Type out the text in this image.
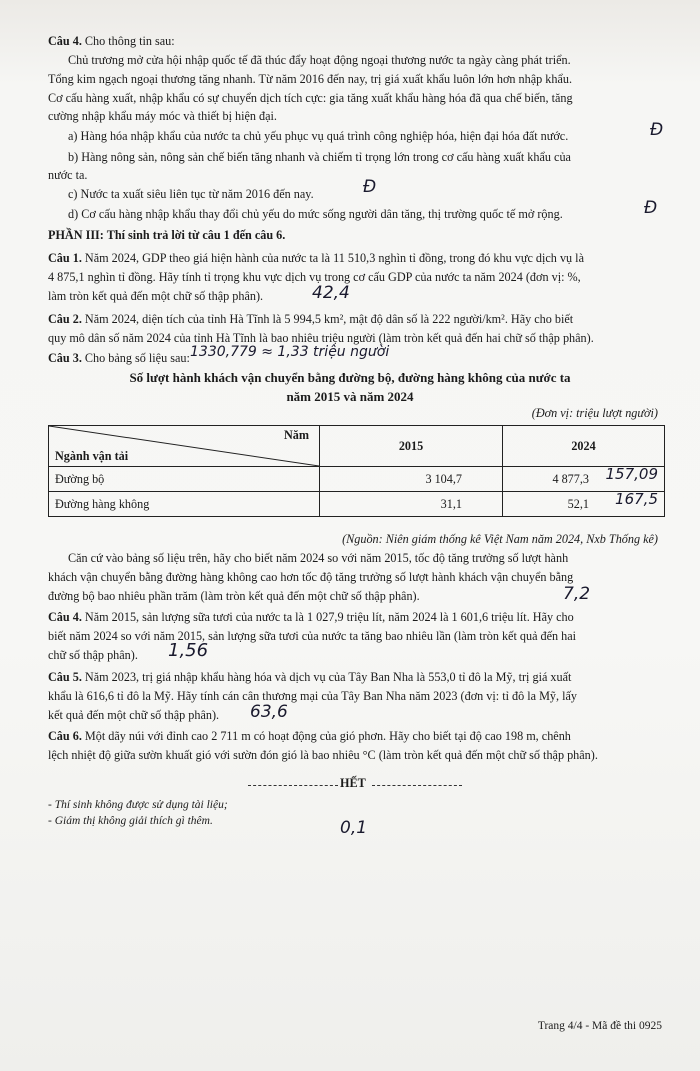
Câu 4. Cho thông tin sau:
Chủ trương mở cửa hội nhập quốc tế đã thúc đẩy hoạt động ngoại thương nước ta ngày càng phát triển.
Tổng kim ngạch ngoại thương tăng nhanh. Từ năm 2016 đến nay, trị giá xuất khẩu luôn lớn hơn nhập khẩu.
Cơ cấu hàng xuất, nhập khẩu có sự chuyển dịch tích cực: gia tăng xuất khẩu hàng hóa đã qua chế biến, tăng
cường nhập khẩu máy móc và thiết bị hiện đại.
a) Hàng hóa nhập khẩu của nước ta chủ yếu phục vụ quá trình công nghiệp hóa, hiện đại hóa đất nước.	Đ
b) Hàng nông sản, nông sản chế biến tăng nhanh và chiếm tỉ trọng lớn trong cơ cấu hàng xuất khẩu của
nước ta.
c) Nước ta xuất siêu liên tục từ năm 2016 đến nay.	Đ
d) Cơ cấu hàng nhập khẩu thay đổi chủ yếu do mức sống người dân tăng, thị trường quốc tế mở rộng.	Đ
PHẦN III: Thí sinh trả lời từ câu 1 đến câu 6.
Câu 1. Năm 2024, GDP theo giá hiện hành của nước ta là 11 510,3 nghìn tỉ đồng, trong đó khu vực dịch vụ là
4 875,1 nghìn tỉ đồng. Hãy tính tỉ trọng khu vực dịch vụ trong cơ cấu GDP của nước ta năm 2024 (đơn vị: %,
làm tròn kết quả đến một chữ số thập phân).	42,4
Câu 2. Năm 2024, diện tích của tỉnh Hà Tĩnh là 5 994,5 km², mật độ dân số là 222 người/km². Hãy cho biết
quy mô dân số năm 2024 của tỉnh Hà Tĩnh là bao nhiêu triệu người (làm tròn kết quả đến hai chữ số thập phân).
1330,779 ≈ 1,33 triệu người
Câu 3. Cho bảng số liệu sau:
Số lượt hành khách vận chuyển bằng đường bộ, đường hàng không của nước ta
năm 2015 và năm 2024
(Đơn vị: triệu lượt người)
Năm
Ngành vận tải	2015	2024
Đường bộ	3 104,7	4 877,3 157,09

Đường hàng không	31,1	52,1 167,5
(Nguồn: Niên giám thống kê Việt Nam năm 2024, Nxb Thống kê)
Căn cứ vào bảng số liệu trên, hãy cho biết năm 2024 so với năm 2015, tốc độ tăng trưởng số lượt hành
khách vận chuyển bằng đường hàng không cao hơn tốc độ tăng trưởng số lượt hành khách vận chuyển bằng
đường bộ bao nhiêu phần trăm (làm tròn kết quả đến một chữ số thập phân).	7,2
Câu 4. Năm 2015, sản lượng sữa tươi của nước ta là 1 027,9 triệu lít, năm 2024 là 1 601,6 triệu lít. Hãy cho
biết năm 2024 so với năm 2015, sản lượng sữa tươi của nước ta tăng bao nhiêu lần (làm tròn kết quả đến hai
chữ số thập phân). 1,56
Câu 5. Năm 2023, trị giá nhập khẩu hàng hóa và dịch vụ của Tây Ban Nha là 553,0 tỉ đô la Mỹ, trị giá xuất
khẩu là 616,6 tỉ đô la Mỹ. Hãy tính cán cân thương mại của Tây Ban Nha năm 2023 (đơn vị: tỉ đô la Mỹ, lấy
kết quả đến một chữ số thập phân). 63,6
Câu 6. Một dãy núi với đỉnh cao 2 711 m có hoạt động của gió phơn. Hãy cho biết tại độ cao 198 m, chênh
lệch nhiệt độ giữa sườn khuất gió với sườn đón gió là bao nhiêu °C (làm tròn kết quả đến một chữ số thập phân).
HẾT
- Thí sinh không được sử dụng tài liệu;
- Giám thị không giải thích gì thêm.	0,1
Trang 4/4 - Mã đề thi 0925
